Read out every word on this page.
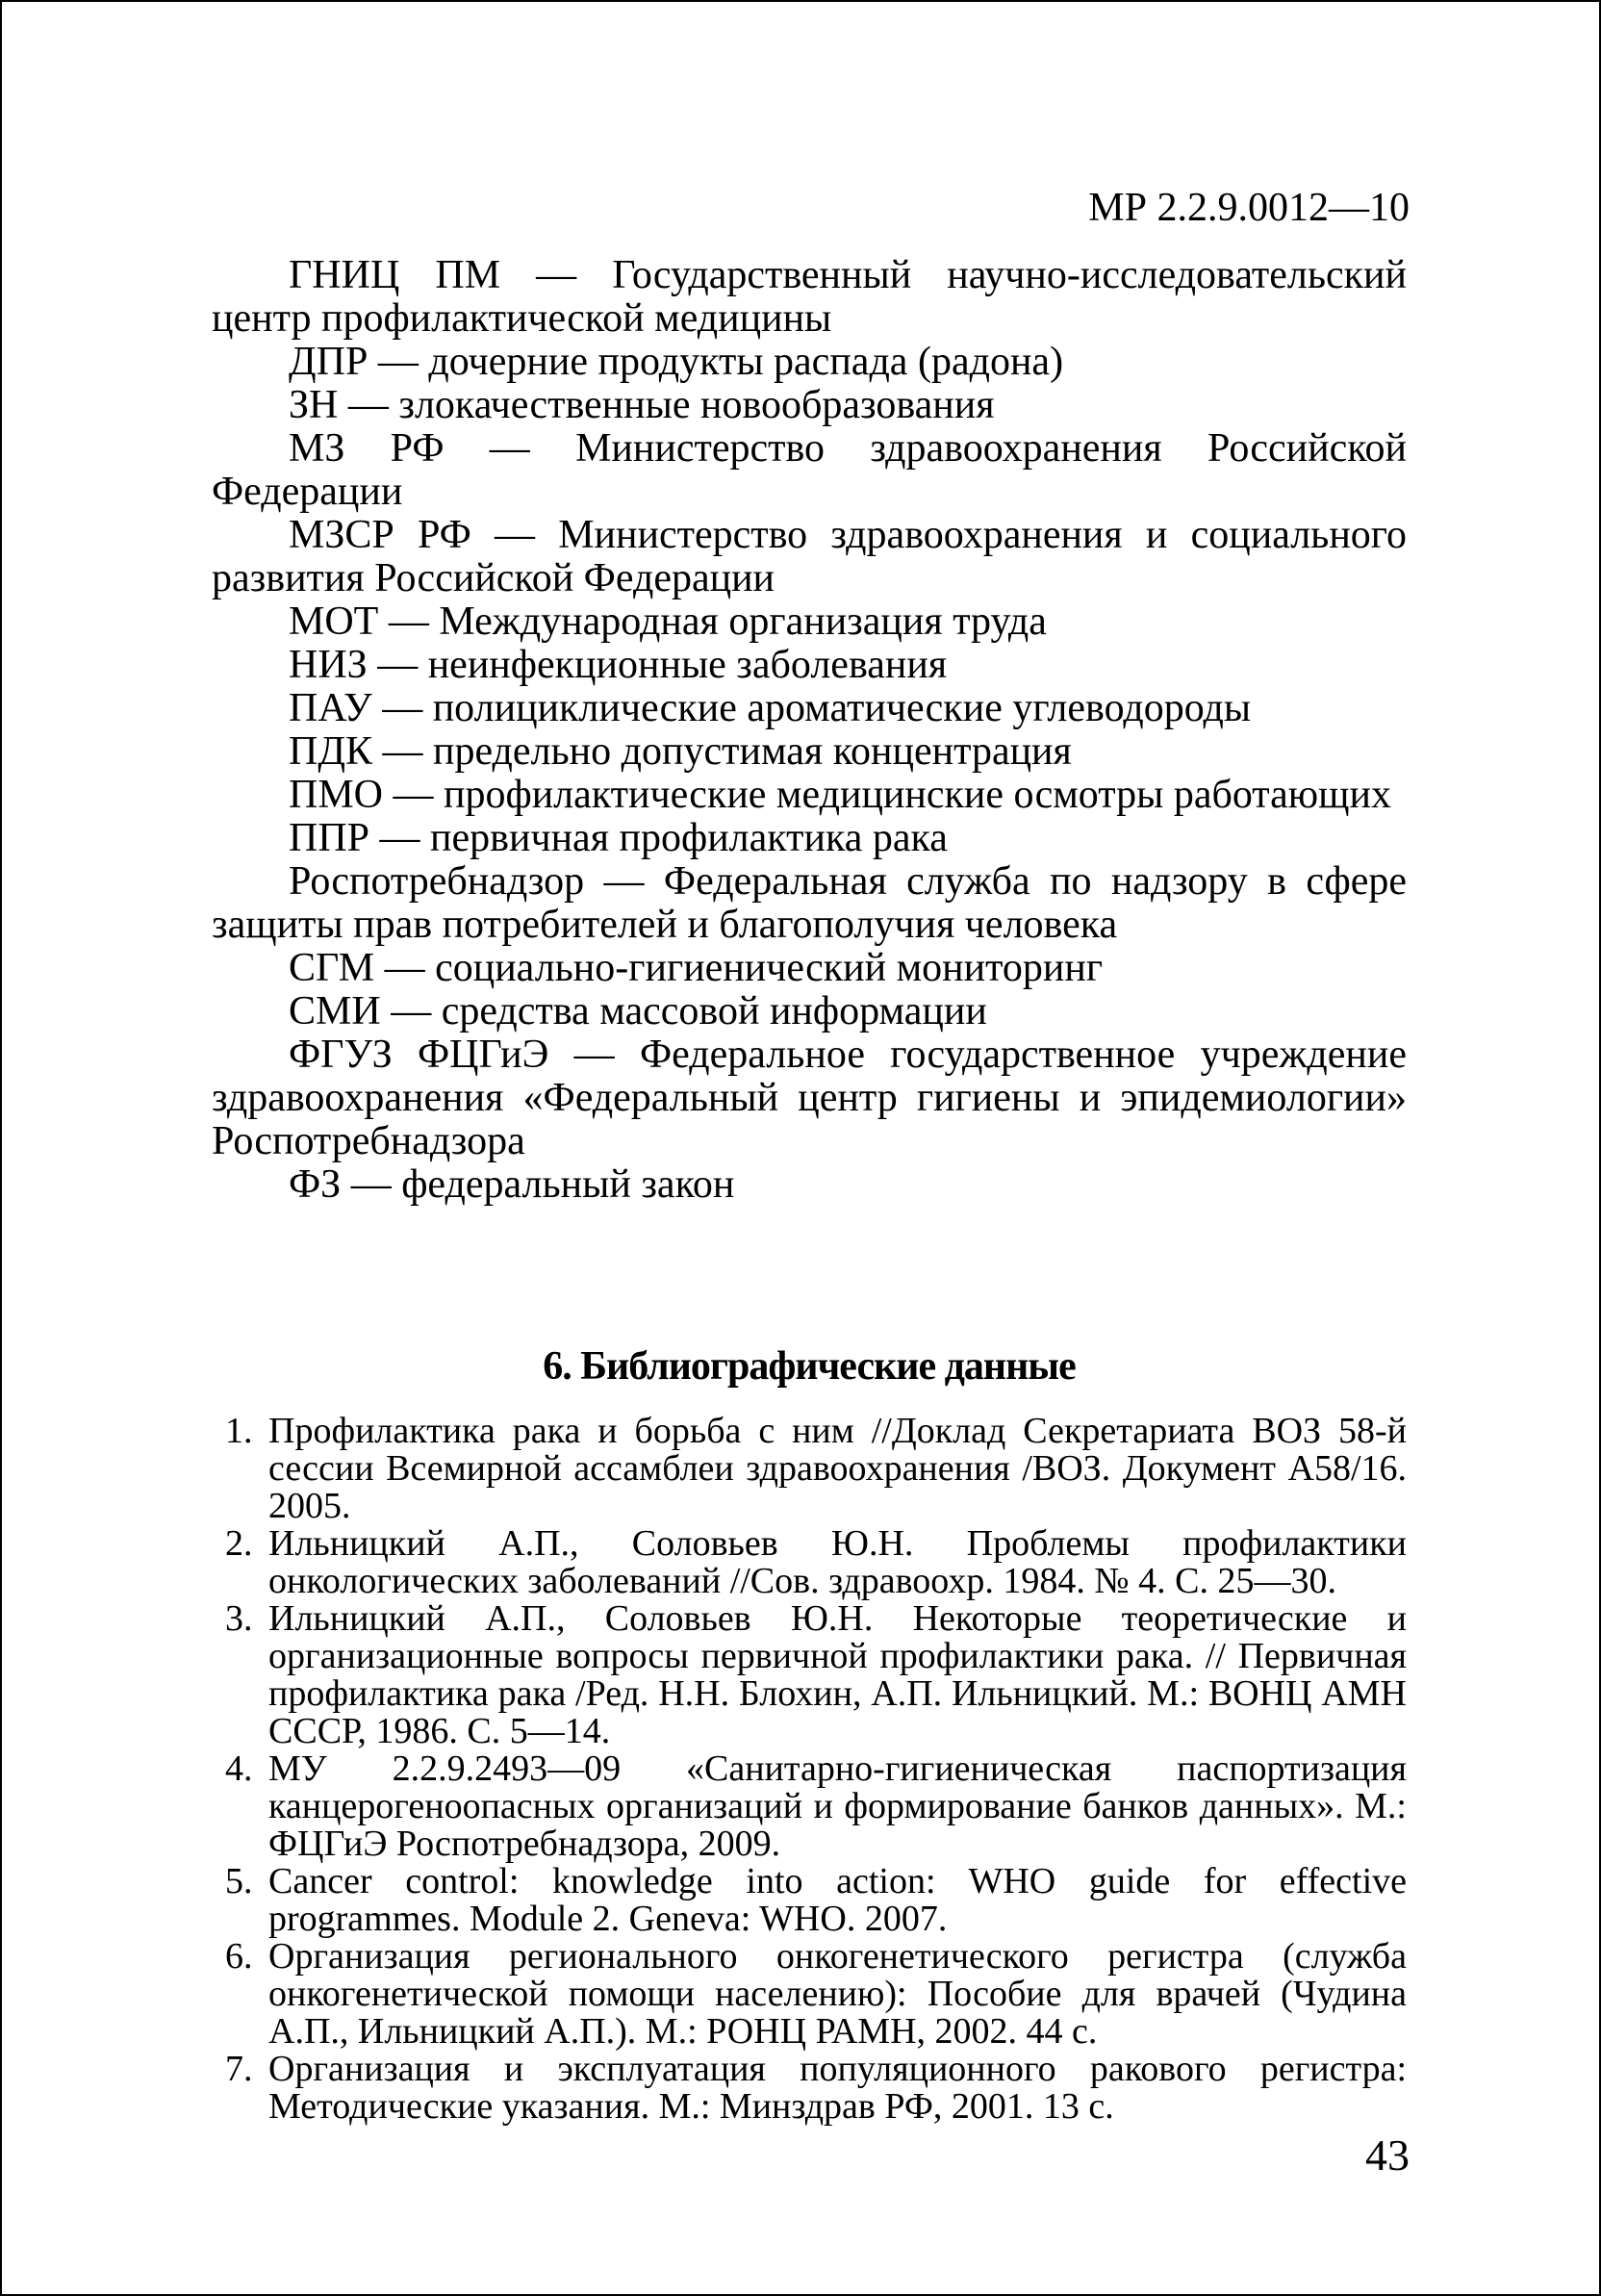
МР 2.2.9.0012—10

ГНИЦ ПМ — Государственный научно-исследовательский центр профилактической медицины

ДПР — дочерние продукты распада (радона)

ЗН — злокачественные новообразования

МЗ РФ — Министерство здравоохранения Российской Федерации

МЗСР РФ — Министерство здравоохранения и социального развития Российской Федерации

МОТ — Международная организация труда

НИЗ — неинфекционные заболевания

ПАУ — полициклические ароматические углеводороды

ПДК — предельно допустимая концентрация

ПМО — профилактические медицинские осмотры работающих

ППР — первичная профилактика рака

Роспотребнадзор — Федеральная служба по надзору в сфере защиты прав потребителей и благополучия человека

СГМ — социально-гигиенический мониторинг

СМИ — средства массовой информации

ФГУЗ ФЦГиЭ — Федеральное государственное учреждение здравоохранения «Федеральный центр гигиены и эпидемиологии» Роспотребнадзора

ФЗ — федеральный закон

6. Библиографические данные

1. Профилактика рака и борьба с ним //Доклад Секретариата ВОЗ 58-й сессии Всемирной ассамблеи здравоохранения /ВОЗ. Документ А58/16. 2005.

2. Ильницкий А.П., Соловьев Ю.Н. Проблемы профилактики онкологических заболеваний //Сов. здравоохр. 1984. № 4. С. 25—30.

3. Ильницкий А.П., Соловьев Ю.Н. Некоторые теоретические и организационные вопросы первичной профилактики рака. // Первичная профилактика рака /Ред. Н.Н. Блохин, А.П. Ильницкий. М.: ВОНЦ АМН СССР, 1986. С. 5—14.

4. МУ 2.2.9.2493—09 «Санитарно-гигиеническая паспортизация канцерогеноопасных организаций и формирование банков данных». М.: ФЦГиЭ Роспотребнадзора, 2009.

5. Cancer control: knowledge into action: WHO guide for effective programmes. Module 2. Geneva: WHO. 2007.

6. Организация регионального онкогенетического регистра (служба онкогенетической помощи населению): Пособие для врачей (Чудина А.П., Ильницкий А.П.). М.: РОНЦ РАМН, 2002. 44 с.

7. Организация и эксплуатация популяционного ракового регистра: Методические указания. М.: Минздрав РФ, 2001. 13 с.

43
